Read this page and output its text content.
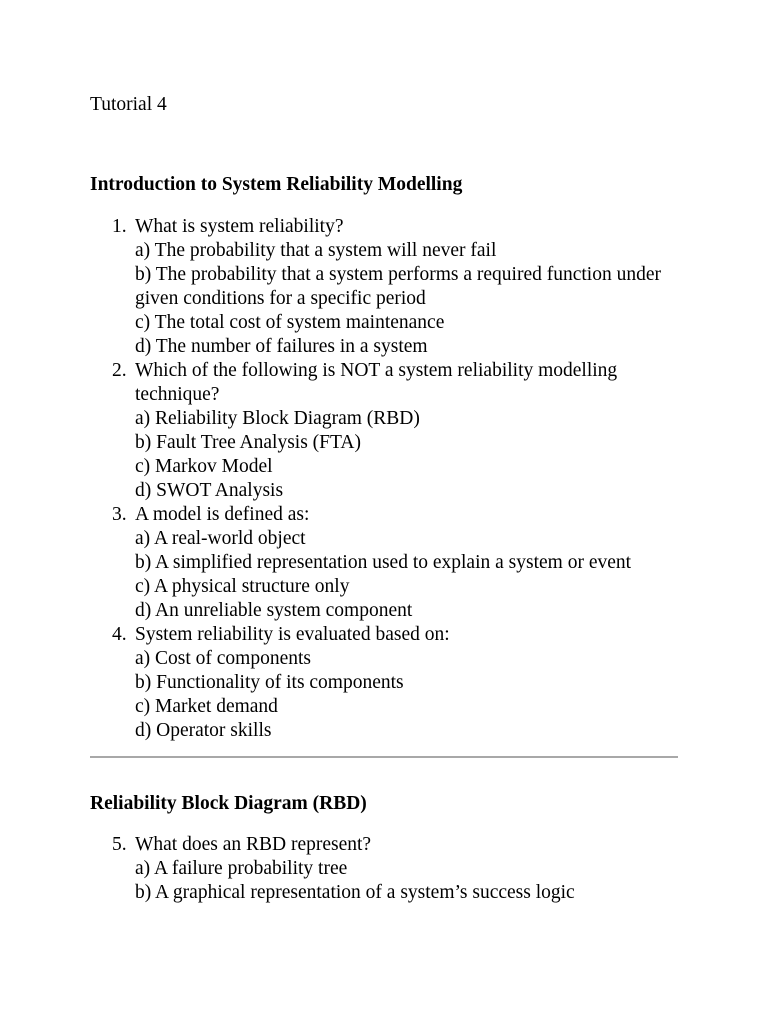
Tutorial 4
Introduction to System Reliability Modelling
1. What is system reliability?
a) The probability that a system will never fail
b) The probability that a system performs a required function under given conditions for a specific period
c) The total cost of system maintenance
d) The number of failures in a system
2. Which of the following is NOT a system reliability modelling technique?
a) Reliability Block Diagram (RBD)
b) Fault Tree Analysis (FTA)
c) Markov Model
d) SWOT Analysis
3. A model is defined as:
a) A real-world object
b) A simplified representation used to explain a system or event
c) A physical structure only
d) An unreliable system component
4. System reliability is evaluated based on:
a) Cost of components
b) Functionality of its components
c) Market demand
d) Operator skills
Reliability Block Diagram (RBD)
5. What does an RBD represent?
a) A failure probability tree
b) A graphical representation of a system’s success logic
